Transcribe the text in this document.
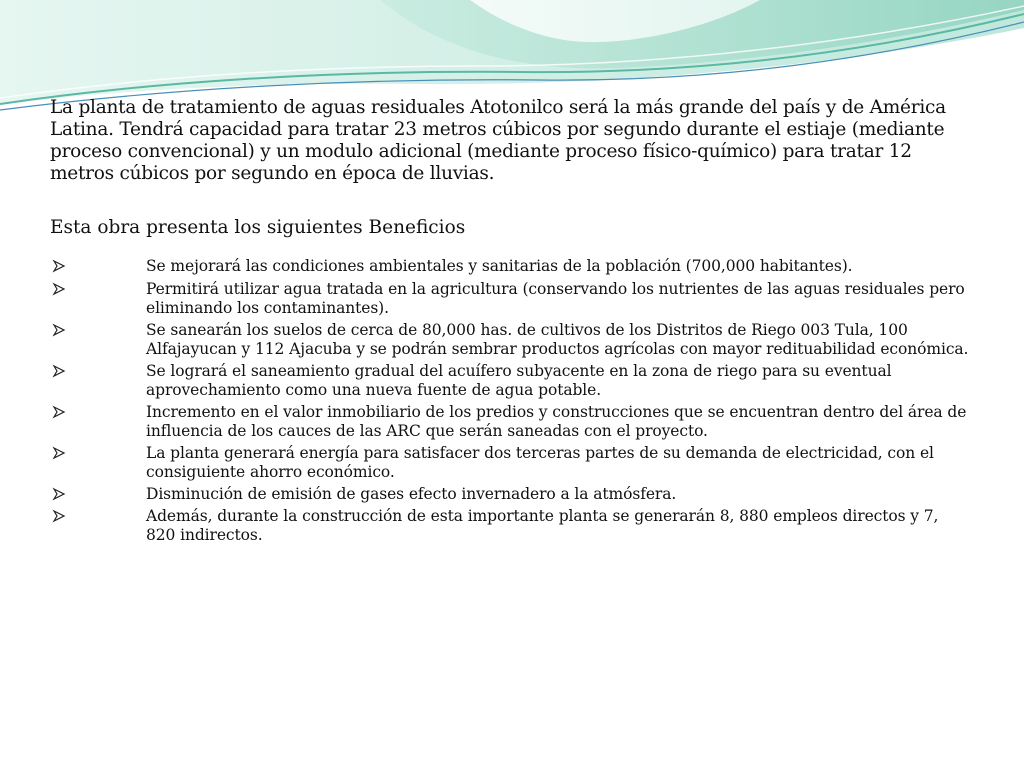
La planta de tratamiento de aguas residuales Atotonilco será la más grande del país y de América Latina. Tendrá capacidad para tratar 23 metros cúbicos por segundo durante el estiaje (mediante proceso convencional) y un modulo adicional (mediante proceso físico-químico) para tratar 12 metros cúbicos por segundo en época de lluvias.

Esta obra presenta los siguientes Beneficios

Se mejorará las condiciones ambientales y sanitarias de la población (700,000 habitantes).
Permitirá utilizar agua tratada en la agricultura (conservando los nutrientes de las aguas residuales pero eliminando los contaminantes).
Se sanearán los suelos de cerca de 80,000 has. de cultivos de los Distritos de Riego 003 Tula, 100 Alfajayucan y 112 Ajacuba y se podrán sembrar productos agrícolas con mayor redituabilidad económica.
Se logrará el saneamiento gradual del acuífero subyacente en la zona de riego para su eventual aprovechamiento como una nueva fuente de agua potable.
Incremento en el valor inmobiliario de los predios y construcciones que se encuentran dentro del área de influencia de los cauces de las ARC que serán saneadas con el proyecto.
La planta generará energía para satisfacer dos terceras partes de su demanda de electricidad, con el consiguiente ahorro económico.
Disminución de emisión de gases efecto invernadero a la atmósfera.
Además, durante la construcción de esta importante planta se generarán 8, 880 empleos directos y 7, 820 indirectos.
